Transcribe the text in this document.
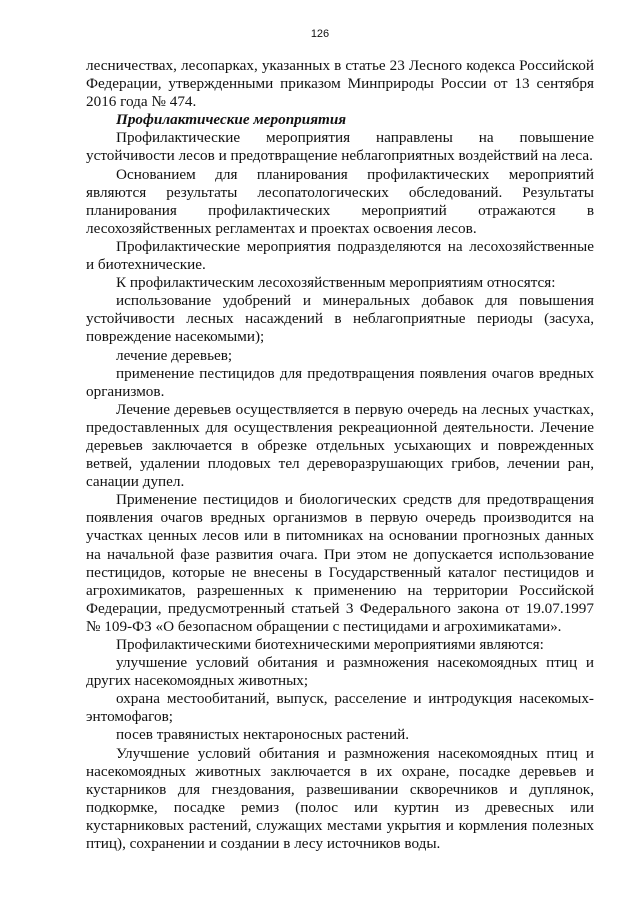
126

лесничествах, лесопарках, указанных в статье 23 Лесного кодекса Российской Федерации, утвержденными приказом Минприроды России от 13 сентября 2016 года № 474.

Профилактические мероприятия

Профилактические мероприятия направлены на повышение устойчивости лесов и предотвращение неблагоприятных воздействий на леса.

Основанием для планирования профилактических мероприятий являются результаты лесопатологических обследований. Результаты планирования профилактических мероприятий отражаются в лесохозяйственных регламентах и проектах освоения лесов.

Профилактические мероприятия подразделяются на лесохозяйственные и биотехнические.

К профилактическим лесохозяйственным мероприятиям относятся:

использование удобрений и минеральных добавок для повышения устойчивости лесных насаждений в неблагоприятные периоды (засуха, повреждение насекомыми);

лечение деревьев;

применение пестицидов для предотвращения появления очагов вредных организмов.

Лечение деревьев осуществляется в первую очередь на лесных участках, предоставленных для осуществления рекреационной деятельности. Лечение деревьев заключается в обрезке отдельных усыхающих и поврежденных ветвей, удалении плодовых тел дереворазрушающих грибов, лечении ран, санации дупел.

Применение пестицидов и биологических средств для предотвращения появления очагов вредных организмов в первую очередь производится на участках ценных лесов или в питомниках на основании прогнозных данных на начальной фазе развития очага. При этом не допускается использование пестицидов, которые не внесены в Государственный каталог пестицидов и агрохимикатов, разрешенных к применению на территории Российской Федерации, предусмотренный статьей 3 Федерального закона от 19.07.1997 № 109-ФЗ «О безопасном обращении с пестицидами и агрохимикатами».

Профилактическими биотехническими мероприятиями являются:

улучшение условий обитания и размножения насекомоядных птиц и других насекомоядных животных;

охрана местообитаний, выпуск, расселение и интродукция насекомых-энтомофагов;

посев травянистых нектароносных растений.

Улучшение условий обитания и размножения насекомоядных птиц и насекомоядных животных заключается в их охране, посадке деревьев и кустарников для гнездования, развешивании скворечников и дуплянок, подкормке, посадке ремиз (полос или куртин из древесных или кустарниковых растений, служащих местами укрытия и кормления полезных птиц), сохранении и создании в лесу источников воды.
